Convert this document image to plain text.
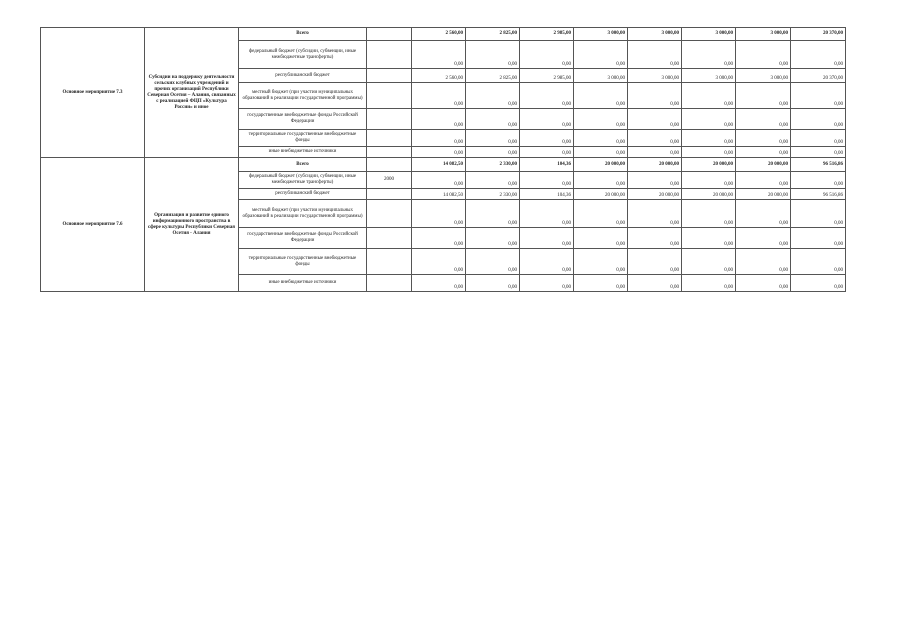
Основное мероприятие 7.3	Субсидии на поддержку деятельности сельских клубных учреждений и прочих организаций Республики Северная Осетия – Алания, связанных с реализацией ФЦП «Культура России» и иное	Всего		2 560,00	2 825,00	2 985,00	3 000,00	3 000,00	3 000,00	3 000,00	20 370,00
		федеральный бюджет (субсидии, субвенции, иные межбюджетные трансферты)		0,00	0,00	0,00	0,00	0,00	0,00	0,00	0,00
		республиканский бюджет		2 560,00	2 825,00	2 985,00	3 000,00	3 000,00	3 000,00	3 000,00	20 370,00
		местный бюджет (при участии муниципальных образований в реализации государственной программы)		0,00	0,00	0,00	0,00	0,00	0,00	0,00	0,00
		государственные внебюджетные фонды Российской Федерации		0,00	0,00	0,00	0,00	0,00	0,00	0,00	0,00
		территориальные государственные внебюджетные фонды		0,00	0,00	0,00	0,00	0,00	0,00	0,00	0,00
		иные внебюджетные источники		0,00	0,00	0,00	0,00	0,00	0,00	0,00	0,00
Основное мероприятие 7.6	Организация и развитие единого информационного пространства в сфере культуры Республики Северная Осетия - Алания	Всего		14 082,50	2 330,00	104,36	20 000,00	20 000,00	20 000,00	20 000,00	96 516,86
		федеральный бюджет (субсидии, субвенции, иные межбюджетные трансферты)	2000	0,00	0,00	0,00	0,00	0,00	0,00	0,00	0,00
		республиканский бюджет		14 082,50	2 330,00	104,36	20 000,00	20 000,00	20 000,00	20 000,00	96 516,86
		местный бюджет (при участии муниципальных образований в реализации государственной программы)		0,00	0,00	0,00	0,00	0,00	0,00	0,00	0,00
		государственные внебюджетные фонды Российской Федерации		0,00	0,00	0,00	0,00	0,00	0,00	0,00	0,00
		территориальные государственные внебюджетные фонды		0,00	0,00	0,00	0,00	0,00	0,00	0,00	0,00
		иные внебюджетные источники		0,00	0,00	0,00	0,00	0,00	0,00	0,00	0,00
